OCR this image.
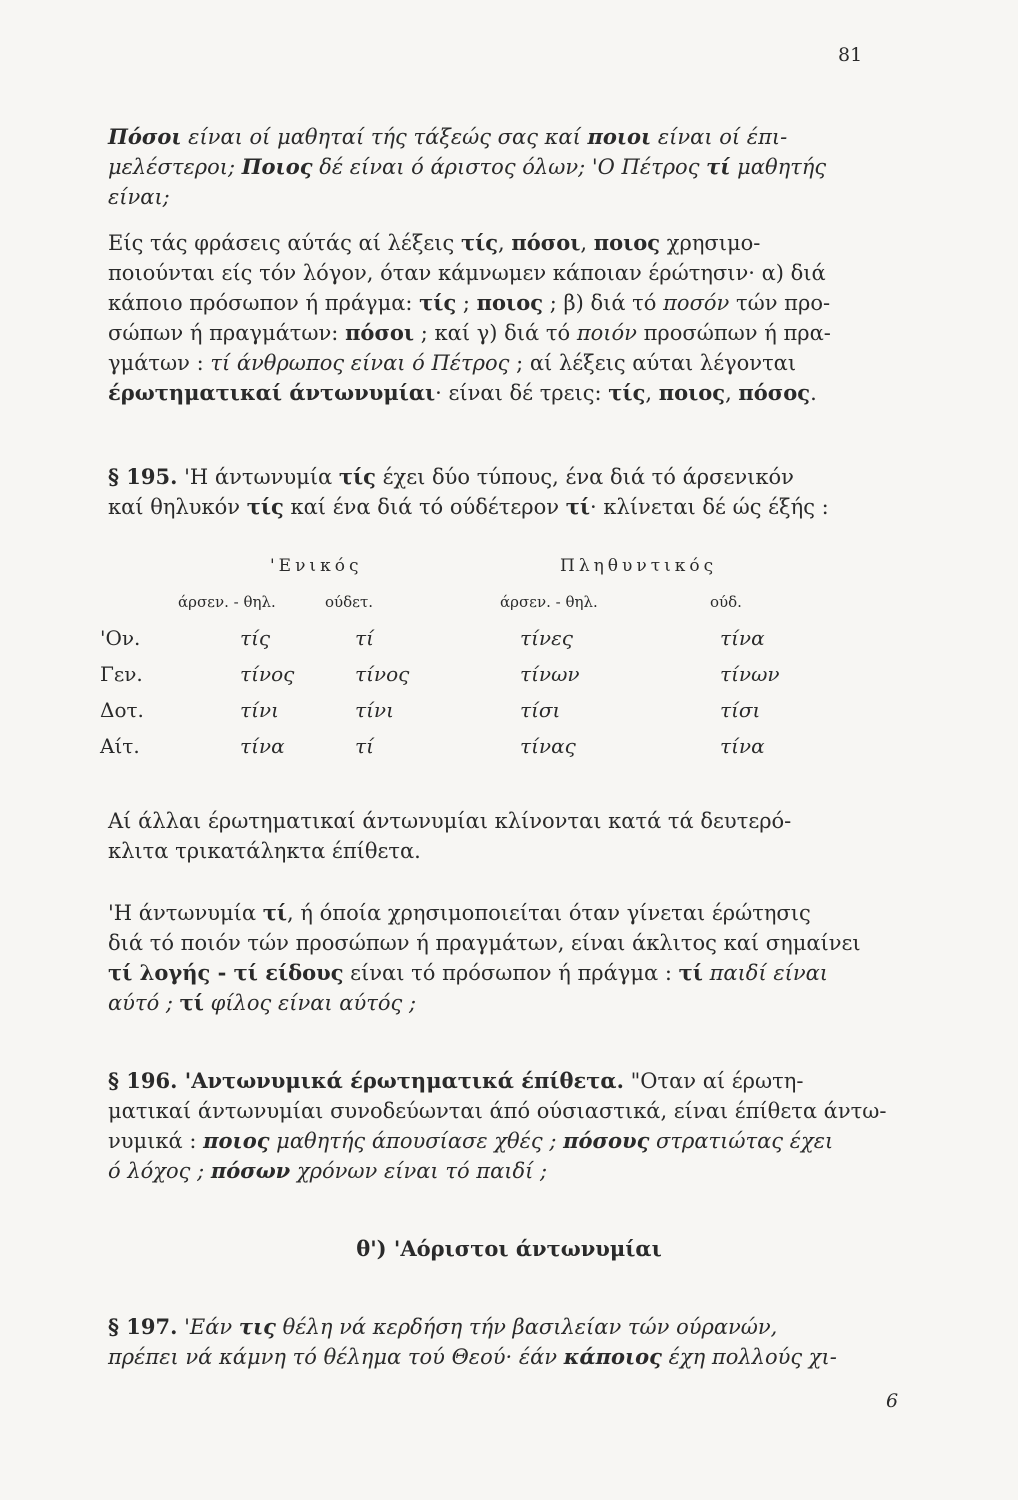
81
Πόσοι είναι οί μαθηταί τής τάξεώς σας καί ποιοι είναι οί έπι-
μελέστεροι; Ποιος δέ είναι ό άριστος όλων; 'Ο Πέτρος τί μαθητής
είναι;
Είς τάς φράσεις αύτάς αί λέξεις τίς, πόσοι, ποιος χρησιμο-
ποιούνται είς τόν λόγον, όταν κάμνωμεν κάποιαν έρώτησιν· α) διά
κάποιο πρόσωπον ή πράγμα: τίς ; ποιος ; β) διά τό ποσόν τών προ-
σώπων ή πραγμάτων: πόσοι ; καί γ) διά τό ποιόν προσώπων ή πρα-
γμάτων : τί άνθρωπος είναι ό Πέτρος ; αί λέξεις αύται λέγονται
έρωτηματικαί άντωνυμίαι· είναι δέ τρεις: τίς, ποιος, πόσος.
§ 195. 'Η άντωνυμία τίς έχει δύο τύπους, ένα διά τό άρσενικόν
καί θηλυκόν τίς καί ένα διά τό ούδέτερον τί· κλίνεται δέ ώς έξής :
	'Ενικός		Πληθυντικός	
	άρσεν. - θηλ.	ούδετ.	άρσεν. - θηλ.	ούδ.
'Ον.	τίς	τί	τίνες	τίνα
Γεν.	τίνος	τίνος	τίνων	τίνων
Δοτ.	τίνι	τίνι	τίσι	τίσι
Αίτ.	τίνα	τί	τίνας	τίνα
Αί άλλαι έρωτηματικαί άντωνυμίαι κλίνονται κατά τά δευτερό-
κλιτα τρικατάληκτα έπίθετα.
'Η άντωνυμία τί, ή όποία χρησιμοποιείται όταν γίνεται έρώτησις
διά τό ποιόν τών προσώπων ή πραγμάτων, είναι άκλιτος καί σημαίνει
τί λογής - τί είδους είναι τό πρόσωπον ή πράγμα : τί παιδί είναι
αύτό ; τί φίλος είναι αύτός ;
§ 196. 'Αντωνυμικά έρωτηματικά έπίθετα. "Οταν αί έρωτη-
ματικαί άντωνυμίαι συνοδεύωνται άπό ούσιαστικά, είναι έπίθετα άντω-
νυμικά : ποιος μαθητής άπουσίασε χθές ; πόσους στρατιώτας έχει
ό λόχος ; πόσων χρόνων είναι τό παιδί ;
θ') 'Αόριστοι άντωνυμίαι
§ 197. 'Εάν τις θέλη νά κερδήση τήν βασιλείαν τών ούρανών,
πρέπει νά κάμνη τό θέλημα τού Θεού· έάν κάποιος έχη πολλούς χι-
6
